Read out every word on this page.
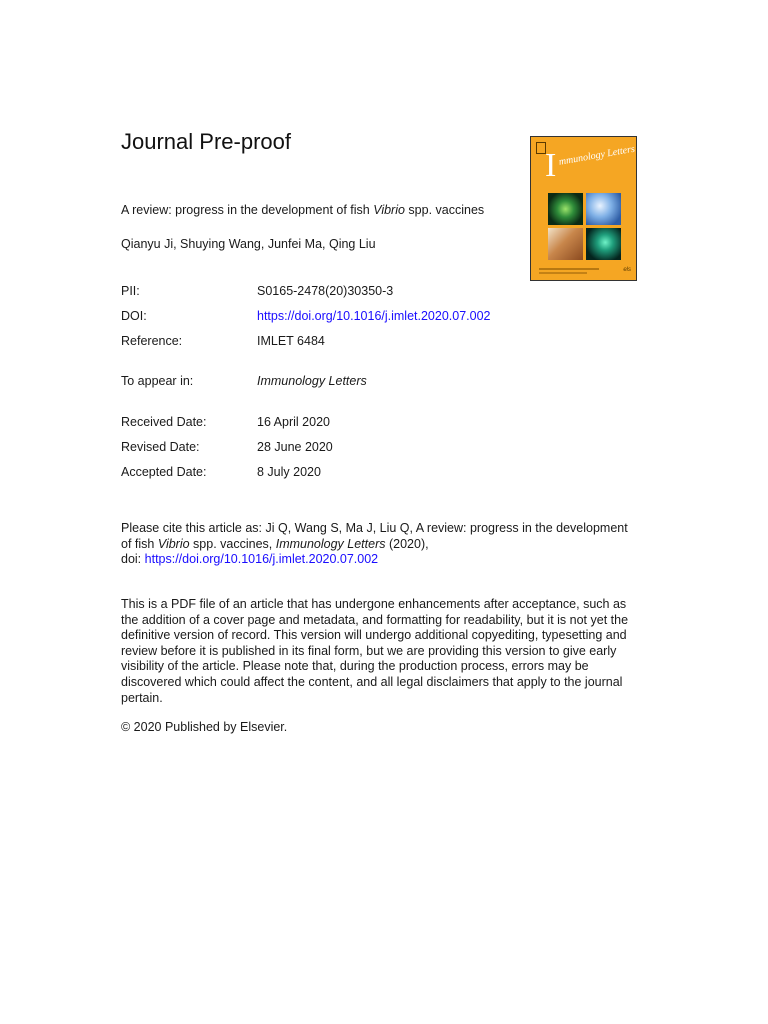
Journal Pre-proof
I mmunology Letters
els
A review: progress in the development of fish Vibrio spp. vaccines
Qianyu Ji, Shuying Wang, Junfei Ma, Qing Liu
PII:	S0165-2478(20)30350-3
DOI:	https://doi.org/10.1016/j.imlet.2020.07.002
Reference:	IMLET 6484
To appear in:	Immunology Letters
Received Date:	16 April 2020
Revised Date:	28 June 2020
Accepted Date:	8 July 2020

Please cite this article as: Ji Q, Wang S, Ma J, Liu Q, A review: progress in the development of fish Vibrio spp. vaccines, Immunology Letters (2020),
doi: https://doi.org/10.1016/j.imlet.2020.07.002

This is a PDF file of an article that has undergone enhancements after acceptance, such as the addition of a cover page and metadata, and formatting for readability, but it is not yet the definitive version of record. This version will undergo additional copyediting, typesetting and review before it is published in its final form, but we are providing this version to give early visibility of the article. Please note that, during the production process, errors may be discovered which could affect the content, and all legal disclaimers that apply to the journal pertain.

© 2020 Published by Elsevier.
